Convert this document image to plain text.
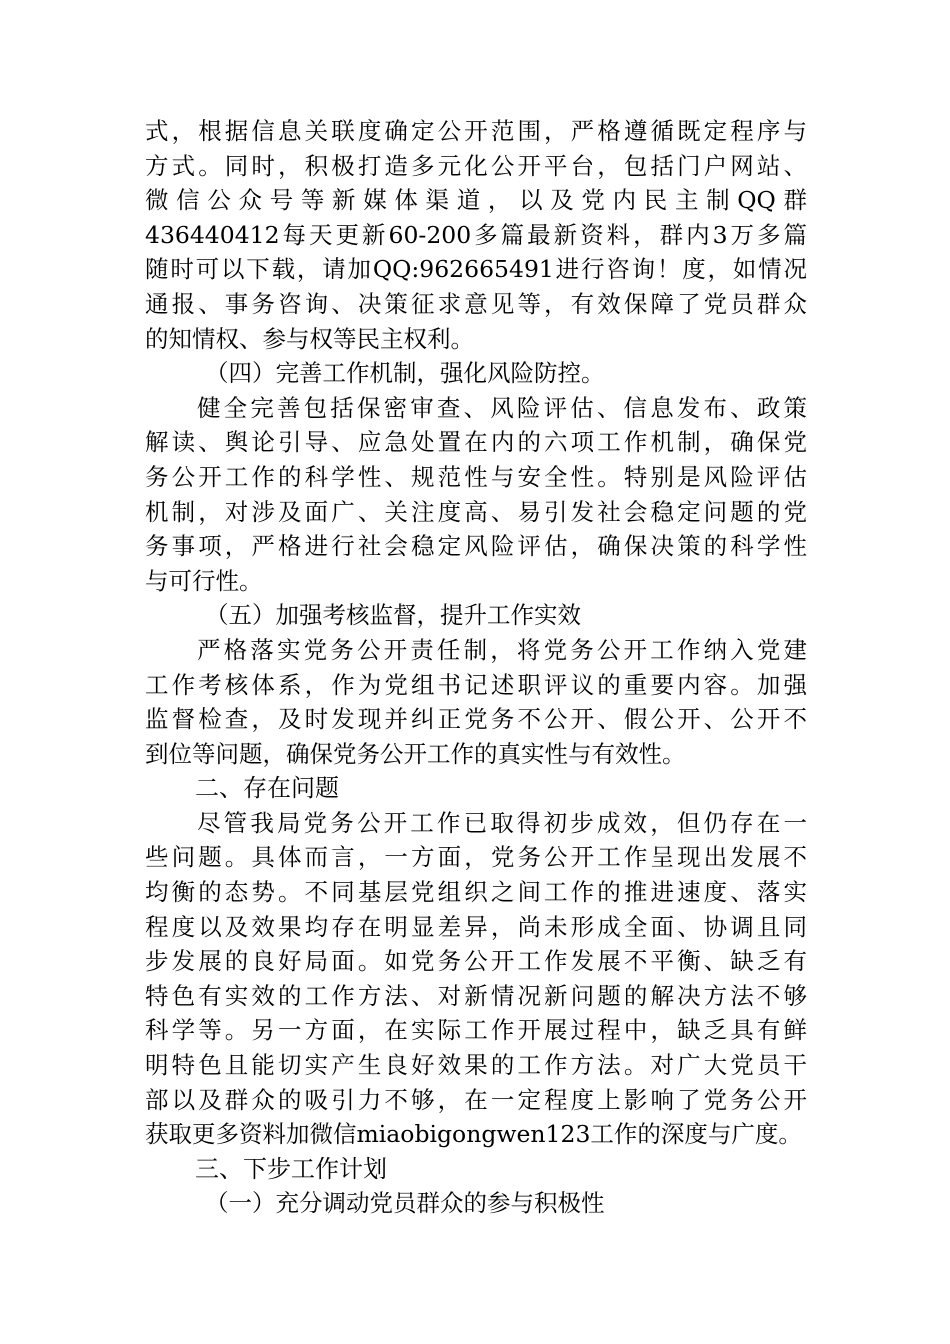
式，根据信息关联度确定公开范围，严格遵循既定程序与
方式。同时，积极打造多元化公开平台，包括门户网站、
微信公众号等新媒体渠道，以及党内民主制QQ群
436440412每天更新60-200多篇最新资料，群内3万多篇
随时可以下载，请加QQ:962665491进行咨询！度，如情况
通报、事务咨询、决策征求意见等，有效保障了党员群众
的知情权、参与权等民主权利。
（四）完善工作机制，强化风险防控。
健全完善包括保密审查、风险评估、信息发布、政策
解读、舆论引导、应急处置在内的六项工作机制，确保党
务公开工作的科学性、规范性与安全性。特别是风险评估
机制，对涉及面广、关注度高、易引发社会稳定问题的党
务事项，严格进行社会稳定风险评估，确保决策的科学性
与可行性。
（五）加强考核监督，提升工作实效
严格落实党务公开责任制，将党务公开工作纳入党建
工作考核体系，作为党组书记述职评议的重要内容。加强
监督检查，及时发现并纠正党务不公开、假公开、公开不
到位等问题，确保党务公开工作的真实性与有效性。
二、存在问题
尽管我局党务公开工作已取得初步成效，但仍存在一
些问题。具体而言，一方面，党务公开工作呈现出发展不
均衡的态势。不同基层党组织之间工作的推进速度、落实
程度以及效果均存在明显差异，尚未形成全面、协调且同
步发展的良好局面。如党务公开工作发展不平衡、缺乏有
特色有实效的工作方法、对新情况新问题的解决方法不够
科学等。另一方面，在实际工作开展过程中，缺乏具有鲜
明特色且能切实产生良好效果的工作方法。对广大党员干
部以及群众的吸引力不够，在一定程度上影响了党务公开
获取更多资料加微信miaobigongwen123工作的深度与广度。
三、下步工作计划
（一）充分调动党员群众的参与积极性
